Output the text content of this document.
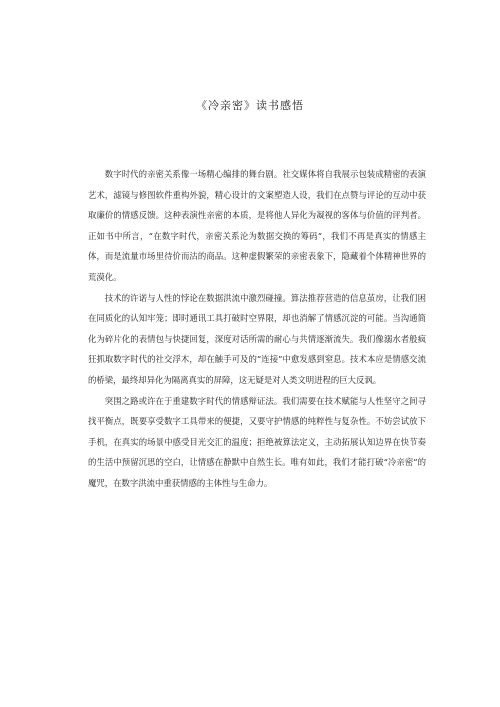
《冷亲密》读书感悟

数字时代的亲密关系像一场精心编排的舞台剧。社交媒体将自我展示包装成精密的表演艺术，滤镜与修图软件重构外貌，精心设计的文案塑造人设，我们在点赞与评论的互动中获取廉价的情感反馈。这种表演性亲密的本质，是将他人异化为凝视的客体与价值的评判者。正如书中所言，“在数字时代，亲密关系沦为数据交换的筹码”，我们不再是真实的情感主体，而是流量市场里待价而沽的商品。这种虚假繁荣的亲密表象下，隐藏着个体精神世界的荒漠化。

技术的许诺与人性的悖论在数据洪流中激烈碰撞。算法推荐营造的信息茧房，让我们困在同质化的认知牢笼；即时通讯工具打破时空界限，却也消解了情感沉淀的可能。当沟通简化为碎片化的表情包与快捷回复，深度对话所需的耐心与共情逐渐流失。我们像溺水者般疯狂抓取数字时代的社交浮木，却在触手可及的“连接”中愈发感到窒息。技术本应是情感交流的桥梁，最终却异化为隔离真实的屏障，这无疑是对人类文明进程的巨大反讽。

突围之路或许在于重建数字时代的情感辩证法。我们需要在技术赋能与人性坚守之间寻找平衡点，既要享受数字工具带来的便捷，又要守护情感的纯粹性与复杂性。不妨尝试放下手机，在真实的场景中感受目光交汇的温度；拒绝被算法定义，主动拓展认知边界在快节奏的生活中预留沉思的空白，让情感在静默中自然生长。唯有如此，我们才能打破“冷亲密”的魔咒，在数字洪流中重获情感的主体性与生命力。
